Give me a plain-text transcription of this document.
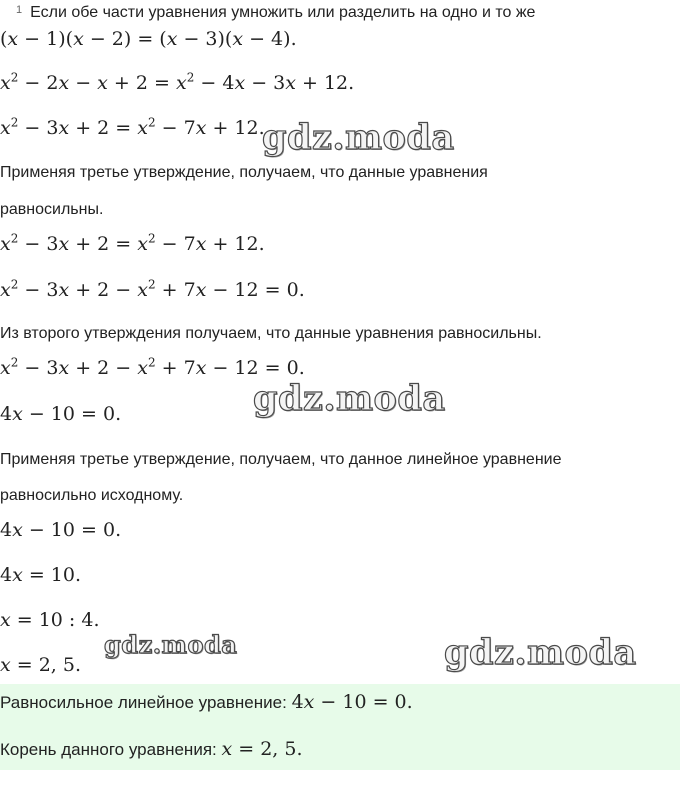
$^1$ Если обе части уравнения умножить или разделить на одно и то же
(x − 1)(x − 2) = (x − 3)(x − 4).
$x^2 - 2x - x + 2 = x^2 - 4x - 3x + 12$.
$x^2 - 3x + 2 = x^2 - 7x + 12$.
Применяя третье утверждение, получаем, что данные уравнения
равносильны.
$x^2 - 3x + 2 = x^2 - 7x + 12$.
$x^2 - 3x + 2 - x^2 + 7x - 12 = 0$.
Из второго утверждения получаем, что данные уравнения равносильны.
$x^2 - 3x + 2 - x^2 + 7x - 12 = 0$.
4x − 10 = 0.
Применяя третье утверждение, получаем, что данное линейное уравнение
равносильно исходному.
4x − 10 = 0.
4x = 10.
x = 10 : 4.
x = 2, 5.
Равносильное линейное уравнение: 4x − 10 = 0.
Корень данного уравнения: x = 2, 5.
gdz.moda
gdz.moda
gdz.moda	gdz.moda
